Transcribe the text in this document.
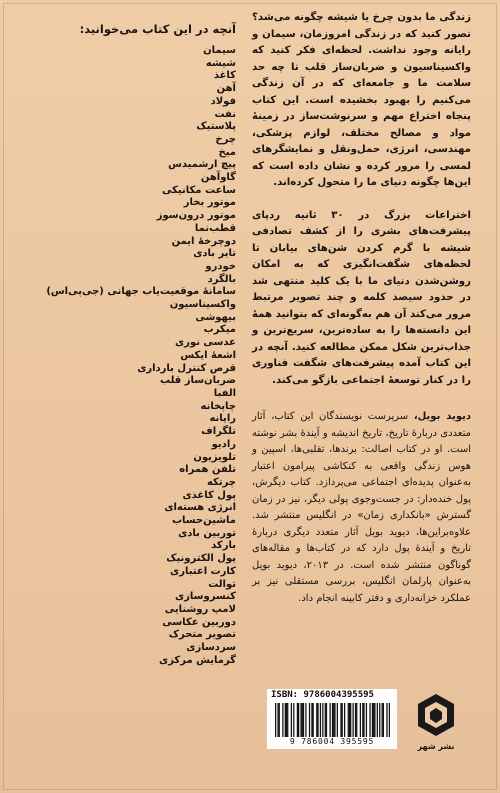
زندگی ما بدون چرخ یا شیشه چگونه می‌شد؟ تصور کنید که در زندگی امروزمان، سیمان و رایانه وجود نداشت. لحظه‌ای فکر کنید که واکسیناسیون و ضربان‌ساز قلب تا چه حد سلامت ما و جامعه‌ای که در آن زندگی می‌کنیم را بهبود بخشیده است. این کتاب پنجاه اختراع مهم و سرنوشت‌ساز در زمینهٔ مواد و مصالح مختلف، لوازم پزشکی، مهندسی، انرژی، حمل‌ونقل و نمایشگرهای لمسی را مرور کرده و نشان داده است که این‌ها چگونه دنیای ما را متحول کرده‌اند.

اختراعات بزرگ در ۳۰ ثانیه ردپای پیشرفت‌های بشری را از کشف تصادفی شیشه با گرم کردن شن‌های بیابان تا لحظه‌های شگفت‌انگیزی که به امکان روشن‌شدن دنیای ما با یک کلید منتهی شد در حدود سیصد کلمه و چند تصویر مرتبط مرور می‌کند آن هم به‌گونه‌ای که بتوانید همهٔ این دانسته‌ها را به ساده‌ترین، سریع‌ترین و جذاب‌ترین شکل ممکن مطالعه کنید. آنچه در این کتاب آمده پیشرفت‌های شگفت فناوری را در کنار توسعهٔ اجتماعی بازگو می‌کند.

دیوید بویل، سرپرست نویسندگان این کتاب، آثار متعددی دربارهٔ تاریخ، تاریخ اندیشه و آیندهٔ بشر نوشته است. او در کتاب اصالت: برندها، تقلبی‌ها، اسپین و هوس زندگی واقعی به کنکاشی پیرامون اعتبار به‌عنوان پدیده‌ای اجتماعی می‌پردازد. کتاب دیگرش، پول خنده‌دار: در جست‌وجوی پولی دیگر، نیز در زمان گسترش «بانکداری زمان» در انگلیس منتشر شد. علاوه‌براین‌ها، دیوید بویل آثار متعدد دیگری دربارهٔ تاریخ و آیندهٔ پول دارد که در کتاب‌ها و مقاله‌های گوناگون منتشر شده است. در ۲۰۱۳، دیوید بویل به‌عنوان پارلمان انگلیس، بررسی مستقلی نیز بر عملکرد خزانه‌داری و دفتر کابینه انجام داد.

آنچه در این کتاب می‌خوانید:
سیمان
شیشه
کاغذ
آهن
فولاد
نفت
پلاستیک
چرخ
میخ
پیچ ارشمیدس
گاوآهن
ساعت مکانیکی
موتور بخار
موتور درون‌سوز
قطب‌نما
دوچرخهٔ ایمن
تایر بادی
خودرو
بالگرد
سامانهٔ موقعیت‌یاب جهانی (جی‌پی‌اس)
واکسیناسیون
بیهوشی
میکرب
عدسی نوری
اشعهٔ ایکس
قرص کنترل بارداری
ضربان‌ساز قلب
الفبا
چاپخانه
رایانه
تلگراف
رادیو
تلویزیون
تلفن همراه
چرتکه
پول کاغذی
انرژی هسته‌ای
ماشین‌حساب
توربین بادی
بارکد
پول الکترونیک
کارت اعتباری
توالت
کنسروسازی
لامپ روشنایی
دوربین عکاسی
تصویر متحرک
سردسازی
گرمایش مرکزی
ISBN: 9786004395595
9 786004 395595
نشر شهر
